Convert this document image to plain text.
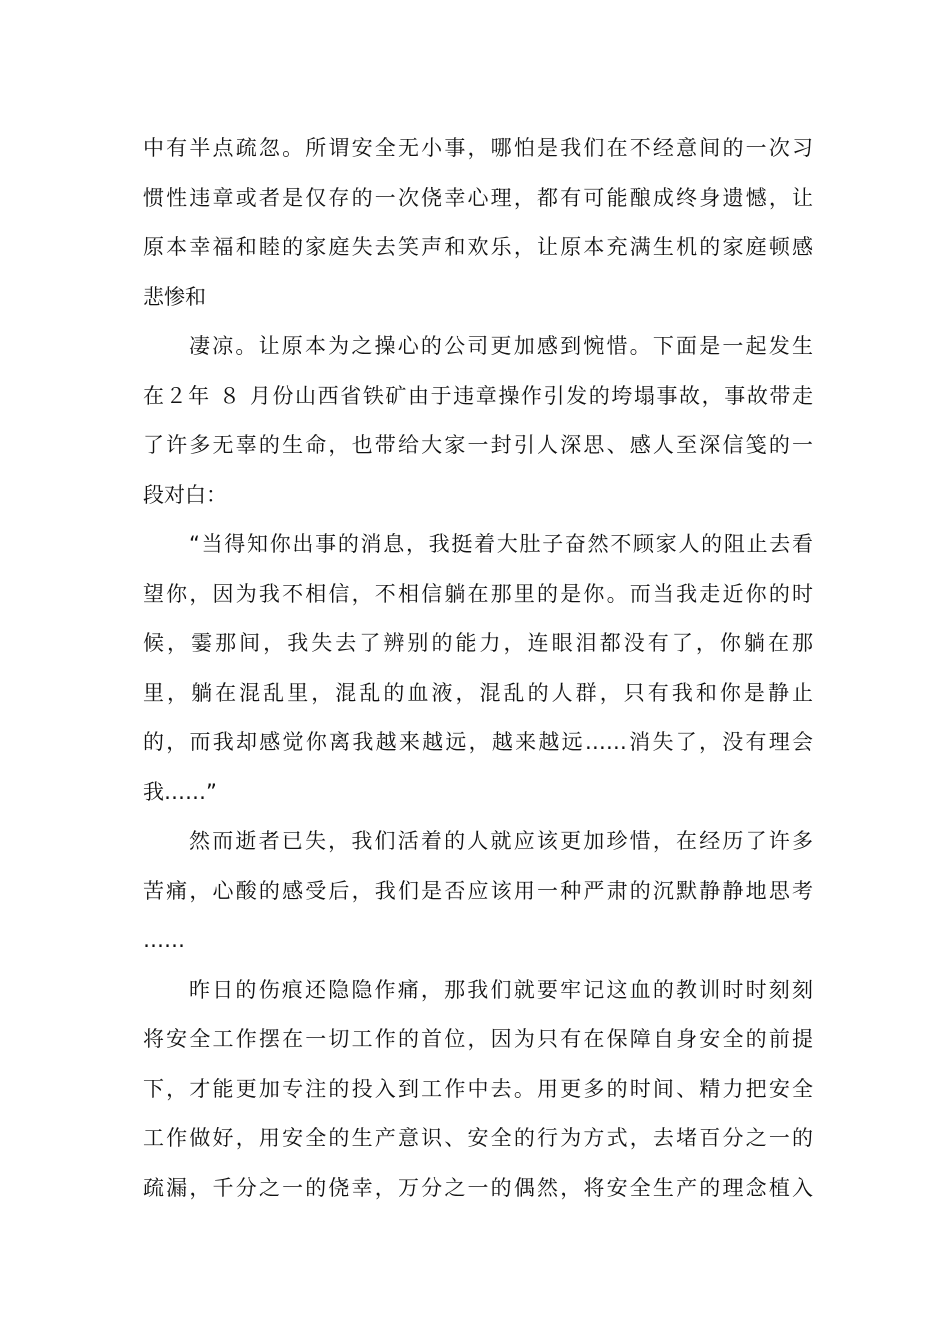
中有半点疏忽。所谓安全无小事，哪怕是我们在不经意间的一次习
惯性违章或者是仅存的一次侥幸心理，都有可能酿成终身遗憾，让
原本幸福和睦的家庭失去笑声和欢乐，让原本充满生机的家庭顿感
悲惨和
凄凉。让原本为之操心的公司更加感到惋惜。下面是一起发生
在２年 ８ 月份山西省铁矿由于违章操作引发的垮塌事故，事故带走
了许多无辜的生命，也带给大家一封引人深思、感人至深信笺的一
段对白：
“当得知你出事的消息，我挺着大肚子奋然不顾家人的阻止去看
望你，因为我不相信，不相信躺在那里的是你。而当我走近你的时
候，霎那间，我失去了辨别的能力，连眼泪都没有了，你躺在那
里，躺在混乱里，混乱的血液，混乱的人群，只有我和你是静止
的，而我却感觉你离我越来越远，越来越远……消失了，没有理会
我……”
然而逝者已失，我们活着的人就应该更加珍惜，在经历了许多
苦痛，心酸的感受后，我们是否应该用一种严肃的沉默静静地思考
……
昨日的伤痕还隐隐作痛，那我们就要牢记这血的教训时时刻刻
将安全工作摆在一切工作的首位，因为只有在保障自身安全的前提
下，才能更加专注的投入到工作中去。用更多的时间、精力把安全
工作做好，用安全的生产意识、安全的行为方式，去堵百分之一的
疏漏，千分之一的侥幸，万分之一的偶然，将安全生产的理念植入
